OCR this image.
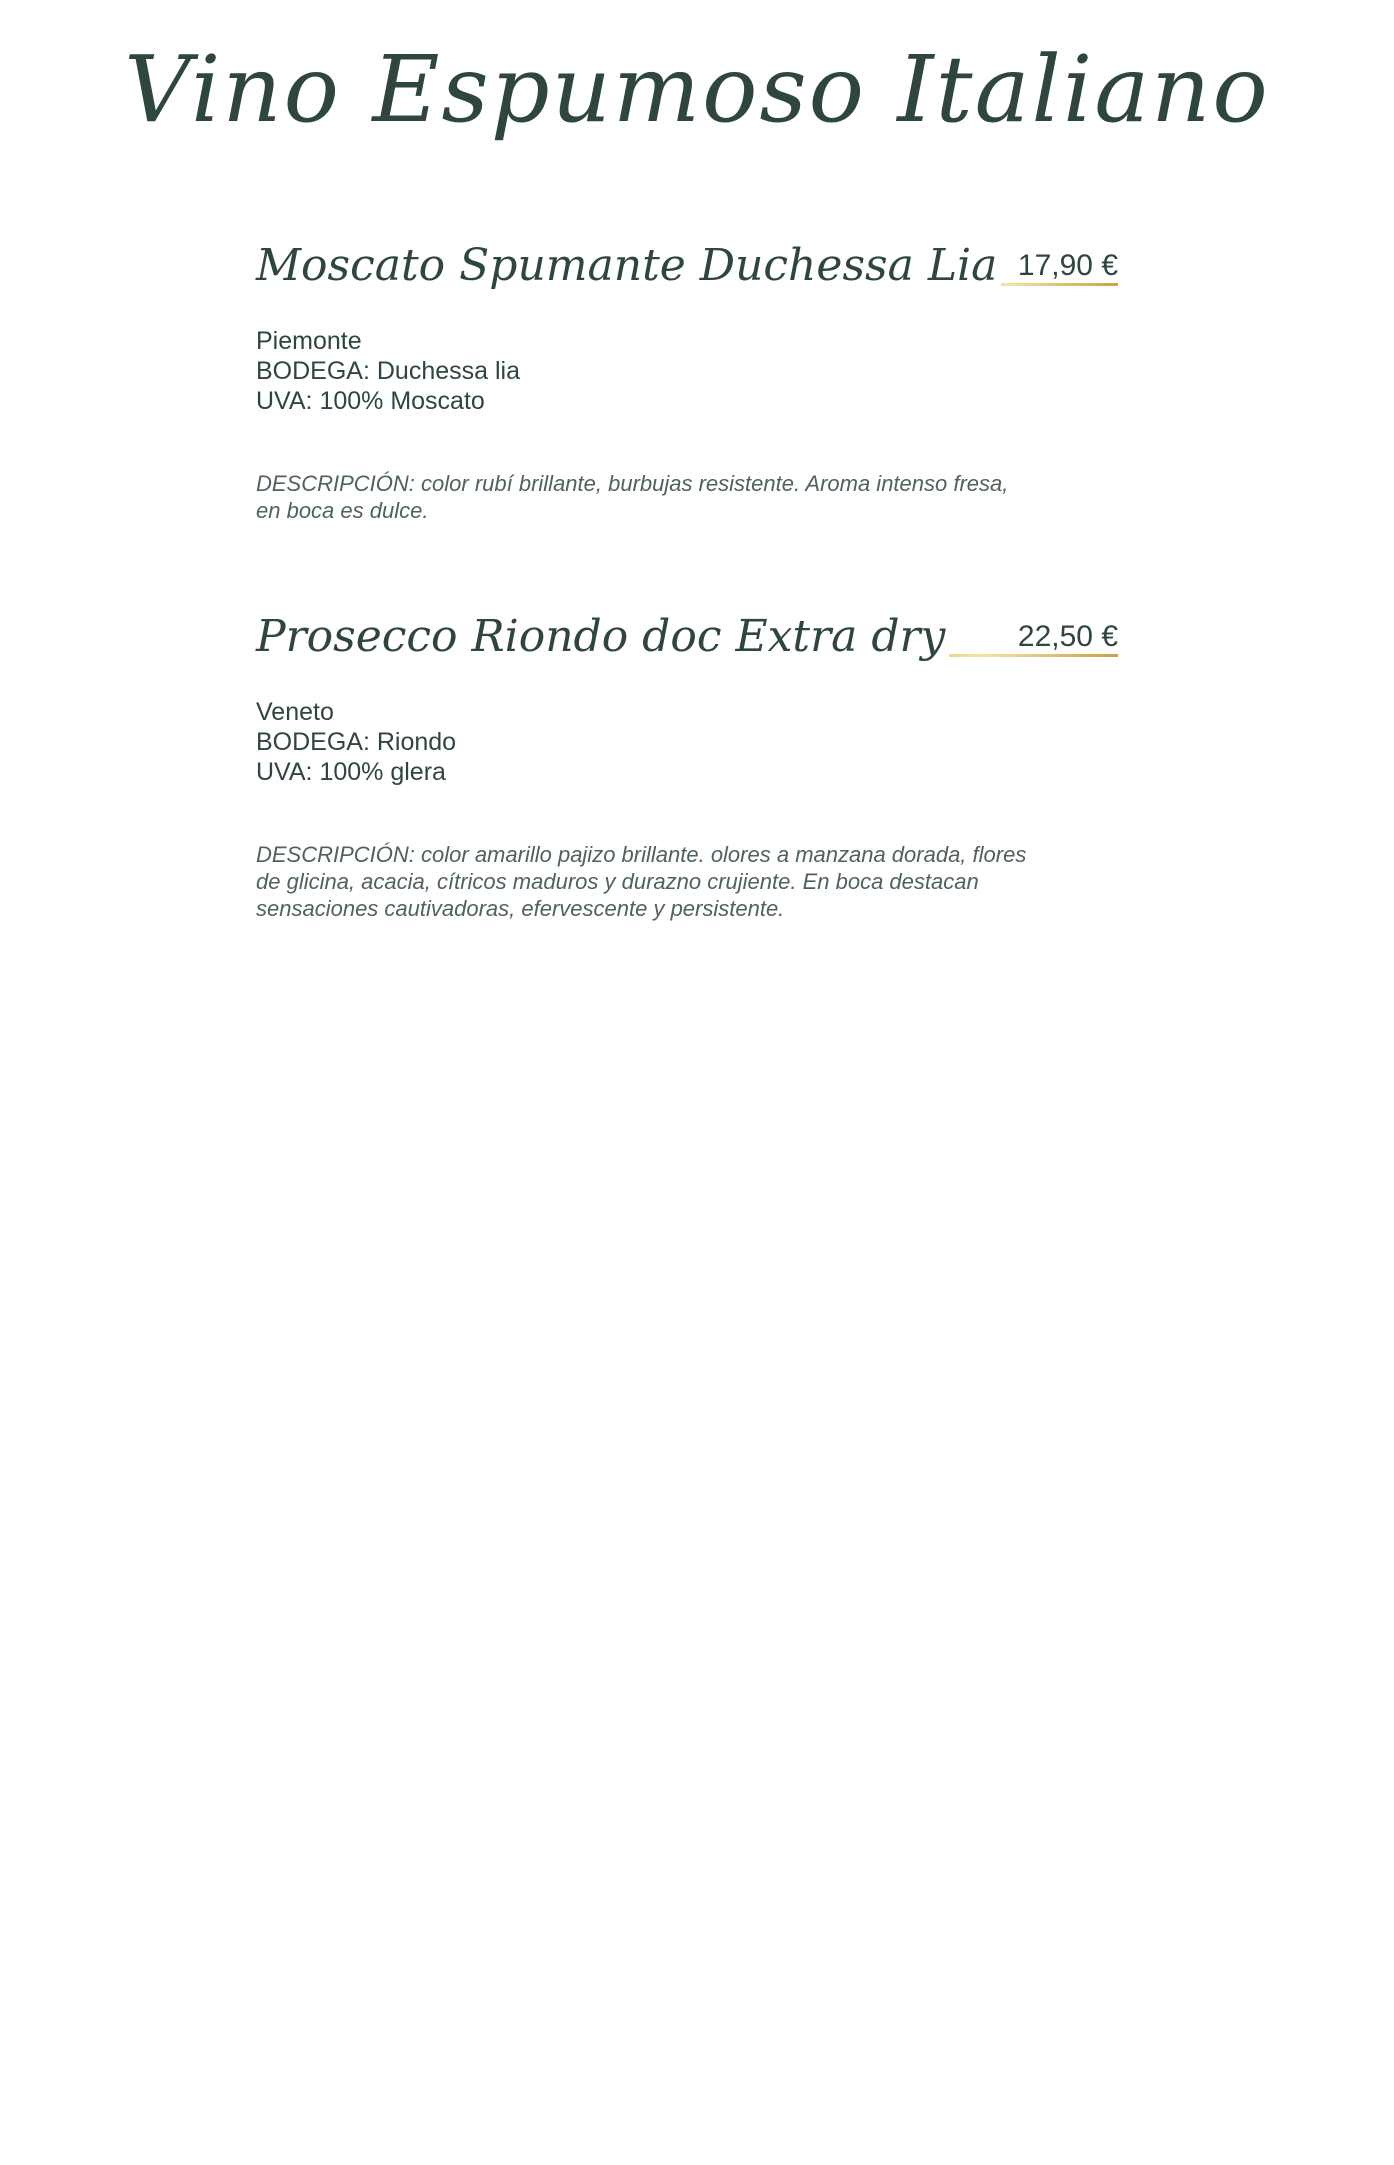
Vino Espumoso Italiano
Moscato Spumante Duchessa Lia 17,90 €
Piemonte
BODEGA: Duchessa lia
UVA: 100% Moscato
DESCRIPCIÓN: color rubí brillante, burbujas resistente. Aroma intenso fresa, en boca es dulce.
Prosecco Riondo doc Extra dry 22,50 €
Veneto
BODEGA: Riondo
UVA: 100% glera
DESCRIPCIÓN: color amarillo pajizo brillante. olores a manzana dorada, flores de glicina, acacia, cítricos maduros y durazno crujiente. En boca destacan sensaciones cautivadoras, efervescente y persistente.
